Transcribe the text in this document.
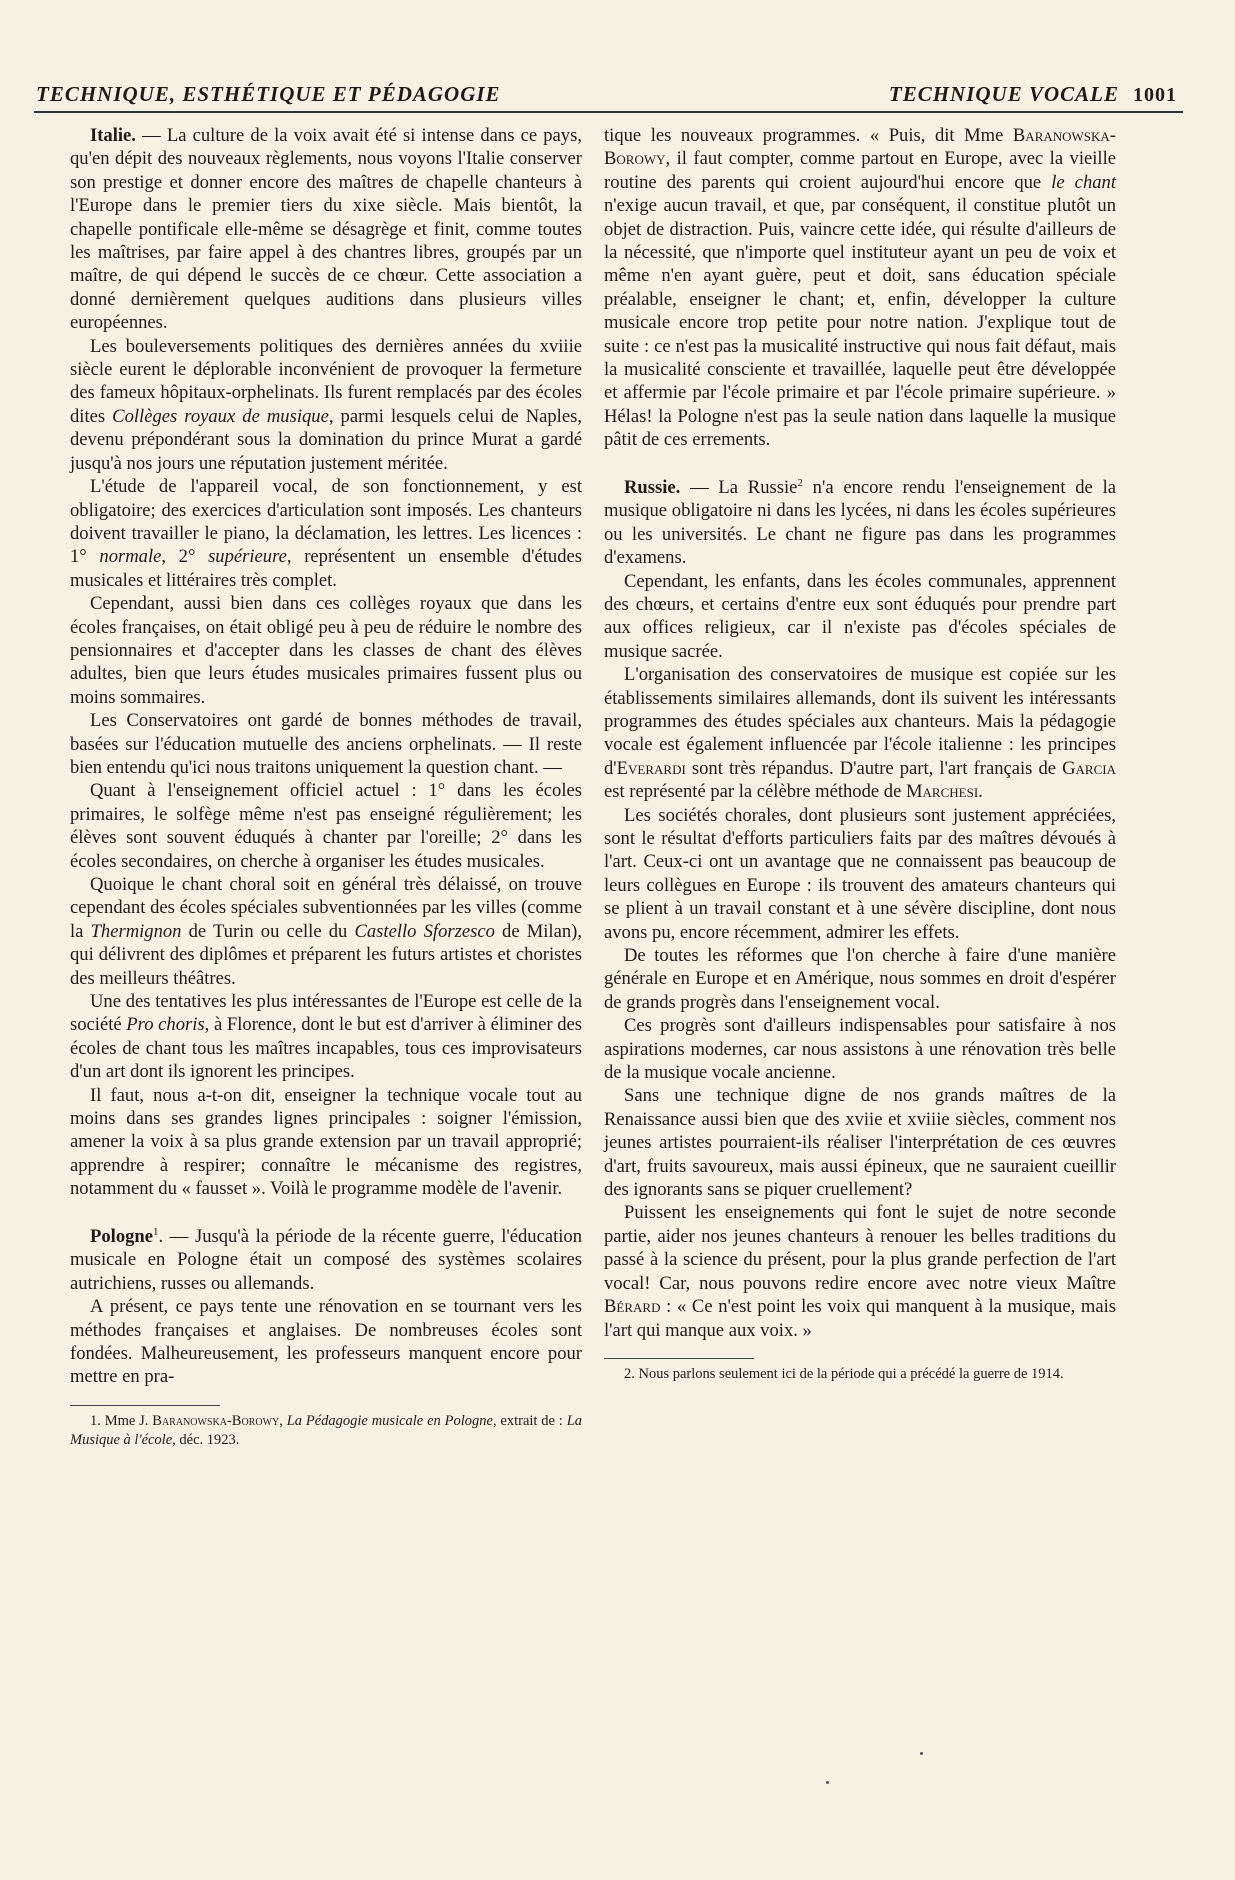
TECHNIQUE, ESTHÉTIQUE ET PÉDAGOGIE	TECHNIQUE VOCALE 1001

Italie. — La culture de la voix avait été si intense dans ce pays, qu'en dépit des nouveaux règlements, nous voyons l'Italie conserver son prestige et donner encore des maîtres de chapelle chanteurs à l'Europe dans le premier tiers du xixe siècle. Mais bientôt, la chapelle pontificale elle-même se désagrège et finit, comme toutes les maîtrises, par faire appel à des chantres libres, groupés par un maître, de qui dépend le succès de ce chœur. Cette association a donné dernièrement quelques auditions dans plusieurs villes européennes.

Les bouleversements politiques des dernières années du xviiie siècle eurent le déplorable inconvénient de provoquer la fermeture des fameux hôpitaux-orphelinats. Ils furent remplacés par des écoles dites Collèges royaux de musique, parmi lesquels celui de Naples, devenu prépondérant sous la domination du prince Murat a gardé jusqu'à nos jours une réputation justement méritée.

L'étude de l'appareil vocal, de son fonctionnement, y est obligatoire; des exercices d'articulation sont imposés. Les chanteurs doivent travailler le piano, la déclamation, les lettres. Les licences : 1° normale, 2° supérieure, représentent un ensemble d'études musicales et littéraires très complet.

Cependant, aussi bien dans ces collèges royaux que dans les écoles françaises, on était obligé peu à peu de réduire le nombre des pensionnaires et d'accepter dans les classes de chant des élèves adultes, bien que leurs études musicales primaires fussent plus ou moins sommaires.

Les Conservatoires ont gardé de bonnes méthodes de travail, basées sur l'éducation mutuelle des anciens orphelinats. — Il reste bien entendu qu'ici nous traitons uniquement la question chant. —

Quant à l'enseignement officiel actuel : 1° dans les écoles primaires, le solfège même n'est pas enseigné régulièrement; les élèves sont souvent éduqués à chanter par l'oreille; 2° dans les écoles secondaires, on cherche à organiser les études musicales.

Quoique le chant choral soit en général très délaissé, on trouve cependant des écoles spéciales subventionnées par les villes (comme la Thermignon de Turin ou celle du Castello Sforzesco de Milan), qui délivrent des diplômes et préparent les futurs artistes et choristes des meilleurs théâtres.

Une des tentatives les plus intéressantes de l'Europe est celle de la société Pro choris, à Florence, dont le but est d'arriver à éliminer des écoles de chant tous les maîtres incapables, tous ces improvisateurs d'un art dont ils ignorent les principes.

Il faut, nous a-t-on dit, enseigner la technique vocale tout au moins dans ses grandes lignes principales : soigner l'émission, amener la voix à sa plus grande extension par un travail approprié; apprendre à respirer; connaître le mécanisme des registres, notamment du « fausset ». Voilà le programme modèle de l'avenir.

Pologne$^1$. — Jusqu'à la période de la récente guerre, l'éducation musicale en Pologne était un composé des systèmes scolaires autrichiens, russes ou allemands.

A présent, ce pays tente une rénovation en se tournant vers les méthodes françaises et anglaises. De nombreuses écoles sont fondées. Malheureusement, les professeurs manquent encore pour mettre en pra-

1. Mme J. Baranowska-Borowy, La Pédagogie musicale en Pologne, extrait de : La Musique à l'école, déc. 1923.

tique les nouveaux programmes. « Puis, dit Mme Baranowska-Borowy, il faut compter, comme partout en Europe, avec la vieille routine des parents qui croient aujourd'hui encore que le chant n'exige aucun travail, et que, par conséquent, il constitue plutôt un objet de distraction. Puis, vaincre cette idée, qui résulte d'ailleurs de la nécessité, que n'importe quel instituteur ayant un peu de voix et même n'en ayant guère, peut et doit, sans éducation spéciale préalable, enseigner le chant; et, enfin, développer la culture musicale encore trop petite pour notre nation. J'explique tout de suite : ce n'est pas la musicalité instructive qui nous fait défaut, mais la musicalité consciente et travaillée, laquelle peut être développée et affermie par l'école primaire et par l'école primaire supérieure. » Hélas! la Pologne n'est pas la seule nation dans laquelle la musique pâtit de ces errements.

Russie. — La Russie$^2$ n'a encore rendu l'enseignement de la musique obligatoire ni dans les lycées, ni dans les écoles supérieures ou les universités. Le chant ne figure pas dans les programmes d'examens.

Cependant, les enfants, dans les écoles communales, apprennent des chœurs, et certains d'entre eux sont éduqués pour prendre part aux offices religieux, car il n'existe pas d'écoles spéciales de musique sacrée.

L'organisation des conservatoires de musique est copiée sur les établissements similaires allemands, dont ils suivent les intéressants programmes des études spéciales aux chanteurs. Mais la pédagogie vocale est également influencée par l'école italienne : les principes d'Everardi sont très répandus. D'autre part, l'art français de Garcia est représenté par la célèbre méthode de Marchesi.

Les sociétés chorales, dont plusieurs sont justement appréciées, sont le résultat d'efforts particuliers faits par des maîtres dévoués à l'art. Ceux-ci ont un avantage que ne connaissent pas beaucoup de leurs collègues en Europe : ils trouvent des amateurs chanteurs qui se plient à un travail constant et à une sévère discipline, dont nous avons pu, encore récemment, admirer les effets.

De toutes les réformes que l'on cherche à faire d'une manière générale en Europe et en Amérique, nous sommes en droit d'espérer de grands progrès dans l'enseignement vocal.

Ces progrès sont d'ailleurs indispensables pour satisfaire à nos aspirations modernes, car nous assistons à une rénovation très belle de la musique vocale ancienne.

Sans une technique digne de nos grands maîtres de la Renaissance aussi bien que des xviie et xviiie siècles, comment nos jeunes artistes pourraient-ils réaliser l'interprétation de ces œuvres d'art, fruits savoureux, mais aussi épineux, que ne sauraient cueillir des ignorants sans se piquer cruellement?

Puissent les enseignements qui font le sujet de notre seconde partie, aider nos jeunes chanteurs à renouer les belles traditions du passé à la science du présent, pour la plus grande perfection de l'art vocal! Car, nous pouvons redire encore avec notre vieux Maître Bérard : « Ce n'est point les voix qui manquent à la musique, mais l'art qui manque aux voix. »

2. Nous parlons seulement ici de la période qui a précédé la guerre de 1914.
